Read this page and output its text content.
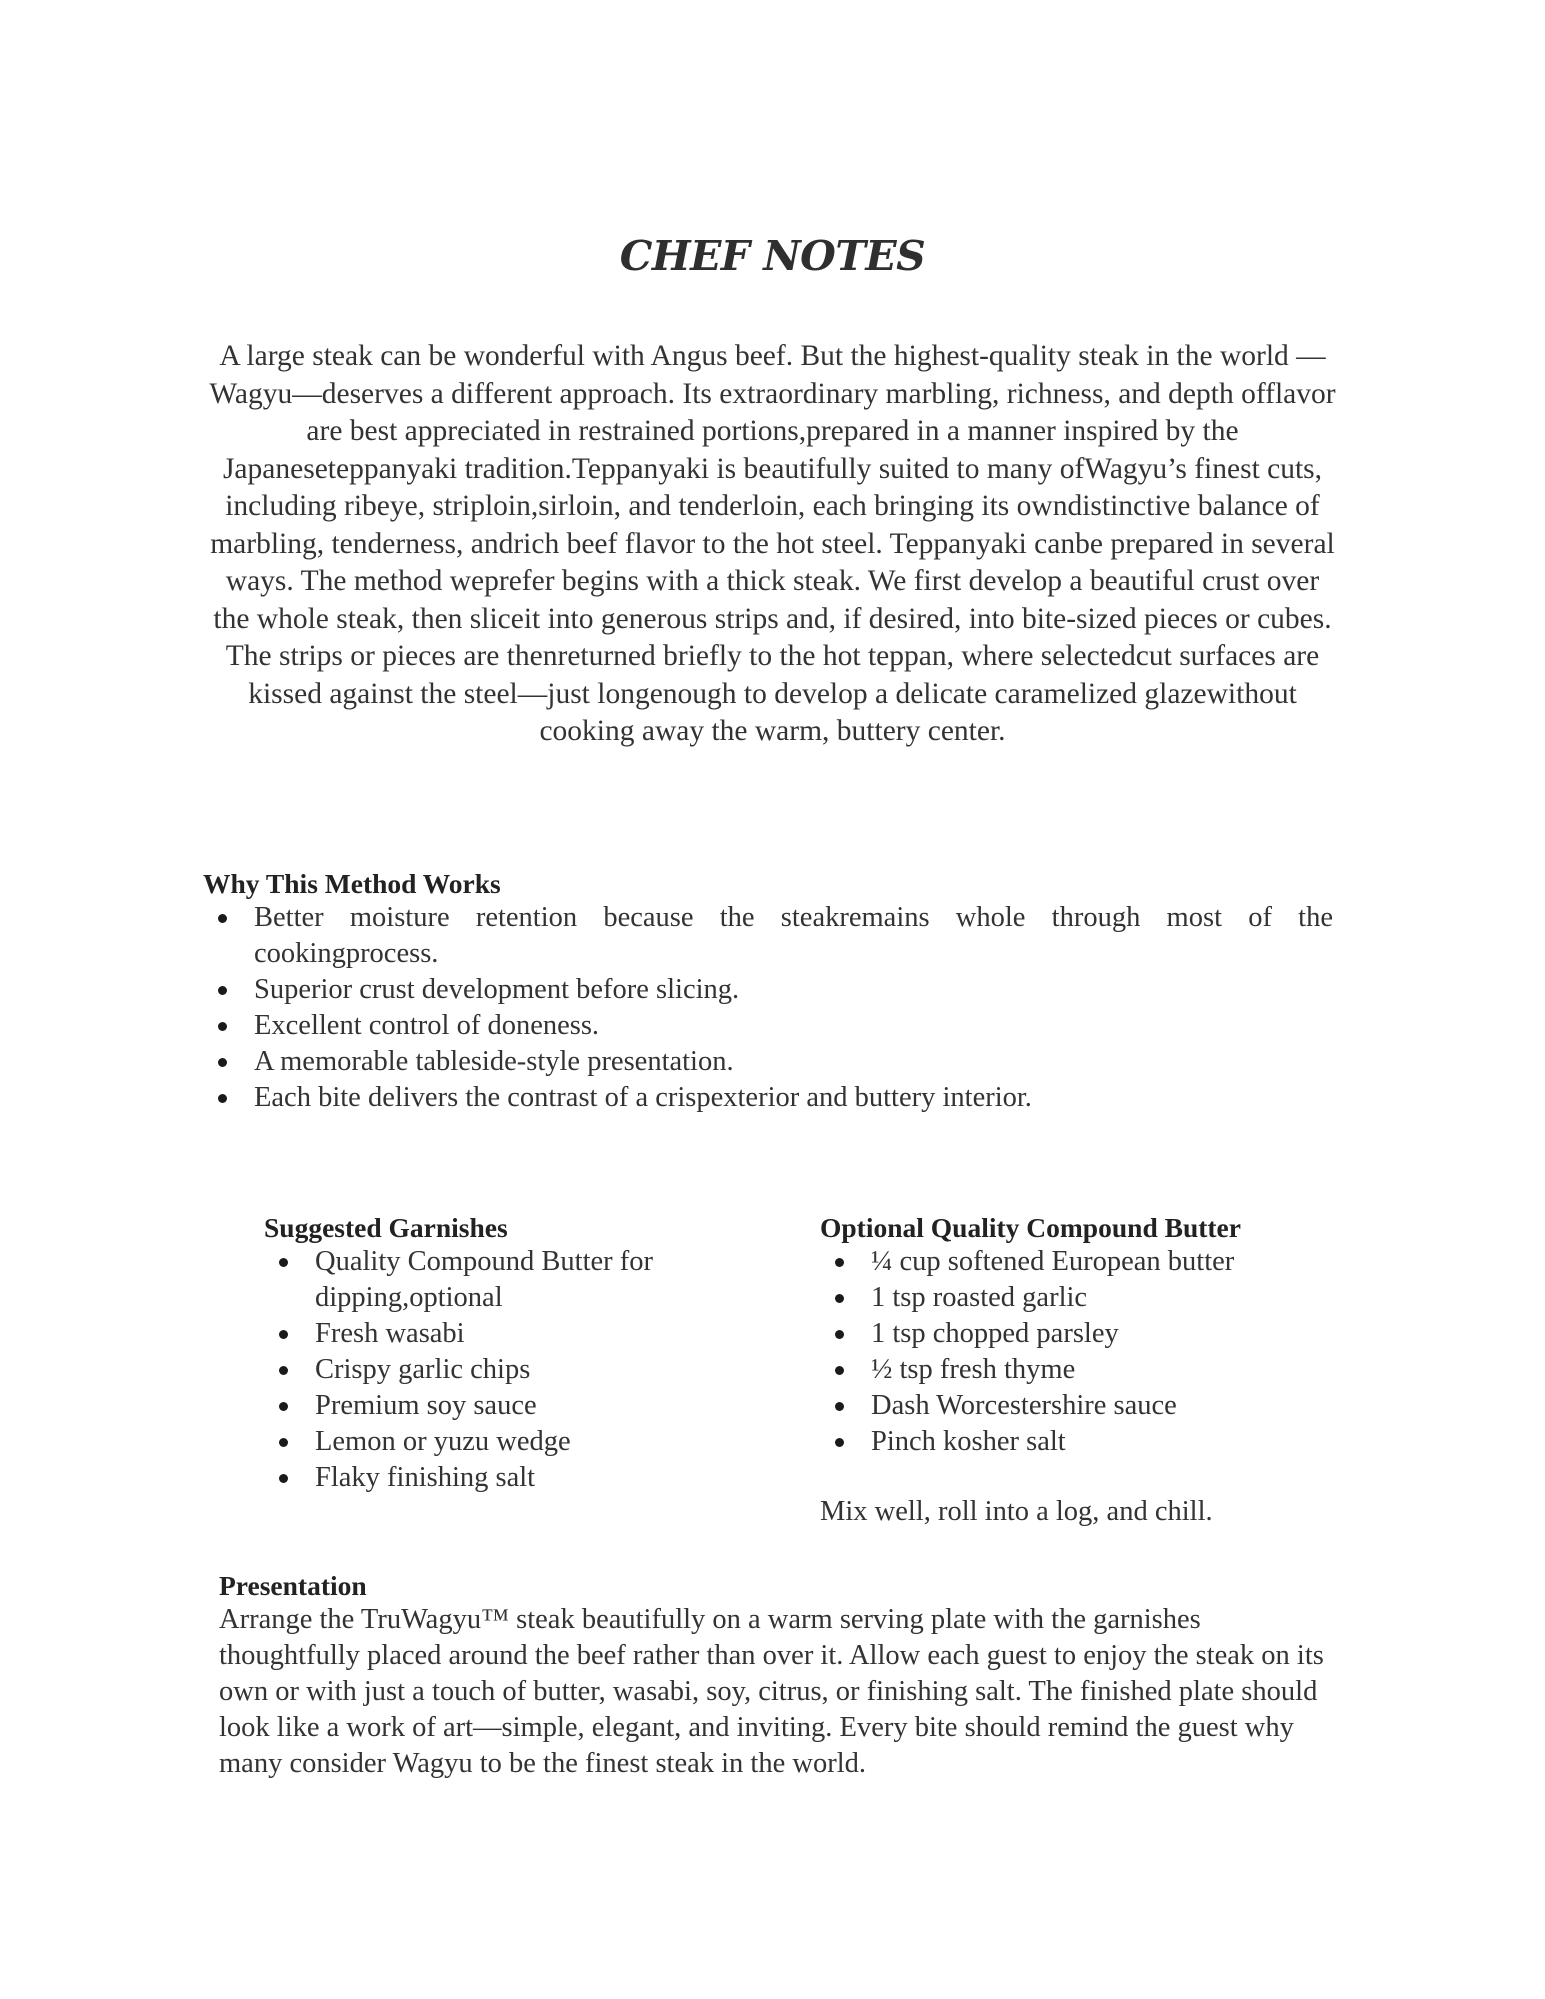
CHEF NOTES

A large steak can be wonderful with Angus beef. But the highest-quality steak in the world —Wagyu—deserves a different approach. Its extraordinary marbling, richness, and depth offlavor are best appreciated in restrained portions,prepared in a manner inspired by the Japaneseteppanyaki tradition.Teppanyaki is beautifully suited to many ofWagyu’s finest cuts, including ribeye, striploin,sirloin, and tenderloin, each bringing its owndistinctive balance of marbling, tenderness, andrich beef flavor to the hot steel. Teppanyaki canbe prepared in several ways. The method weprefer begins with a thick steak. We first develop a beautiful crust over the whole steak, then sliceit into generous strips and, if desired, into bite-sized pieces or cubes. The strips or pieces are thenreturned briefly to the hot teppan, where selectedcut surfaces are kissed against the steel—just longenough to develop a delicate caramelized glazewithout cooking away the warm, buttery center.

Why This Method Works
Better moisture retention because the steakremains whole through most of the cookingprocess.
Superior crust development before slicing.
Excellent control of doneness.
A memorable tableside-style presentation.
Each bite delivers the contrast of a crispexterior and buttery interior.
Suggested Garnishes
Quality Compound Butter for dipping,optional
Fresh wasabi
Crispy garlic chips
Premium soy sauce
Lemon or yuzu wedge
Flaky finishing salt
Optional Quality Compound Butter
¼ cup softened European butter
1 tsp roasted garlic
1 tsp chopped parsley
½ tsp fresh thyme
Dash Worcestershire sauce
Pinch kosher salt

Mix well, roll into a log, and chill.

Presentation

Arrange the TruWagyu™ steak beautifully on a warm serving plate with the garnishes thoughtfully placed around the beef rather than over it. Allow each guest to enjoy the steak on its own or with just a touch of butter, wasabi, soy, citrus, or finishing salt. The finished plate should look like a work of art—simple, elegant, and inviting. Every bite should remind the guest why many consider Wagyu to be the finest steak in the world.
